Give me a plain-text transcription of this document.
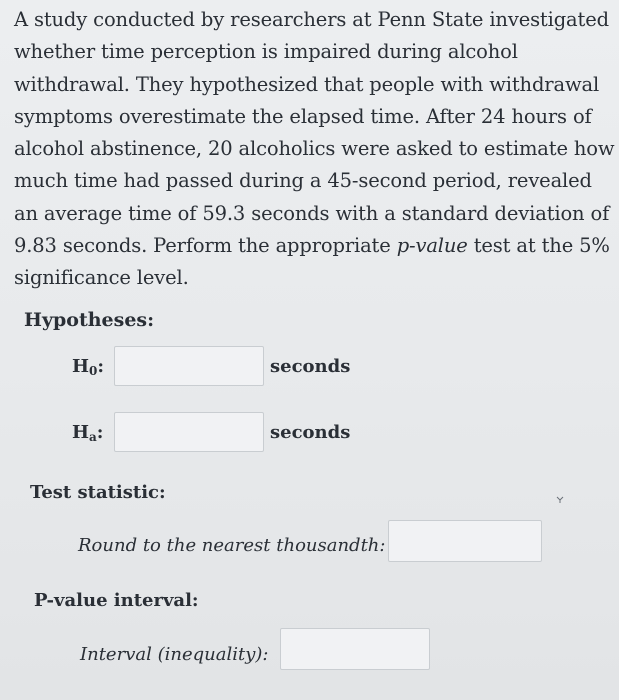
A study conducted by researchers at Penn State investigated
whether time perception is impaired during alcohol
withdrawal. They hypothesized that people with withdrawal
symptoms overestimate the elapsed time. After 24 hours of
alcohol abstinence, 20 alcoholics were asked to estimate how
much time had passed during a 45-second period, revealed
an average time of 59.3 seconds with a standard deviation of
9.83 seconds. Perform the appropriate p-value test at the 5%
significance level.
Hypotheses:
$H_0$:	seconds
$H_a$:	seconds
Test statistic:
Round to the nearest thousandth:
P-value interval:
Interval (inequality):
